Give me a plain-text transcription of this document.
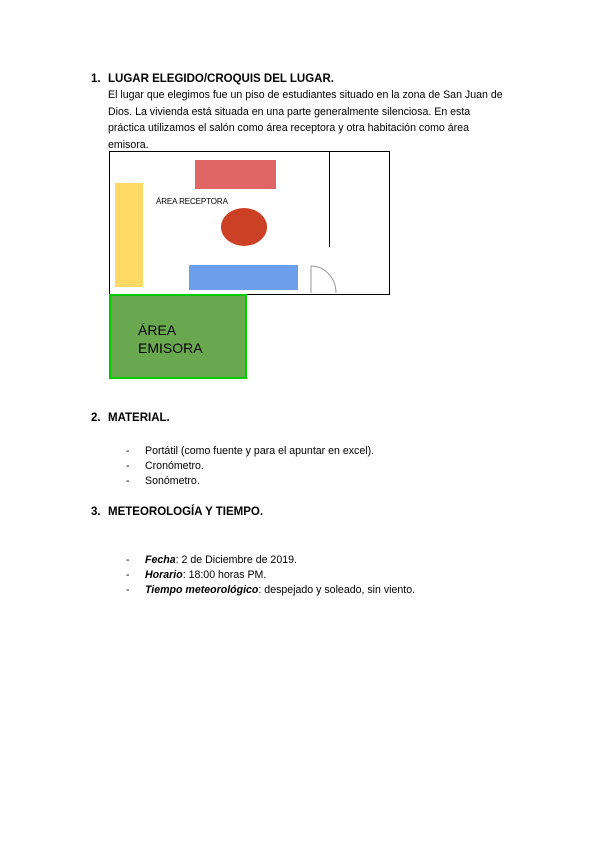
1. LUGAR ELEGIDO/CROQUIS DEL LUGAR.
El lugar que elegimos fue un piso de estudiantes situado en la zona de San Juan de
Dios. La vivienda está situada en una parte generalmente silenciosa. En esta
práctica utilizamos el salón como área receptora y otra habitación como área
emisora.
ÁREA RECEPTORA
ÁREA
EMISORA
2. MATERIAL.
- Portátil (como fuente y para el apuntar en excel).
- Cronómetro.
- Sonómetro.
3. METEOROLOGÍA Y TIEMPO.
- Fecha: 2 de Diciembre de 2019.
- Horario: 18:00 horas PM.
- Tiempo meteorológico: despejado y soleado, sin viento.
